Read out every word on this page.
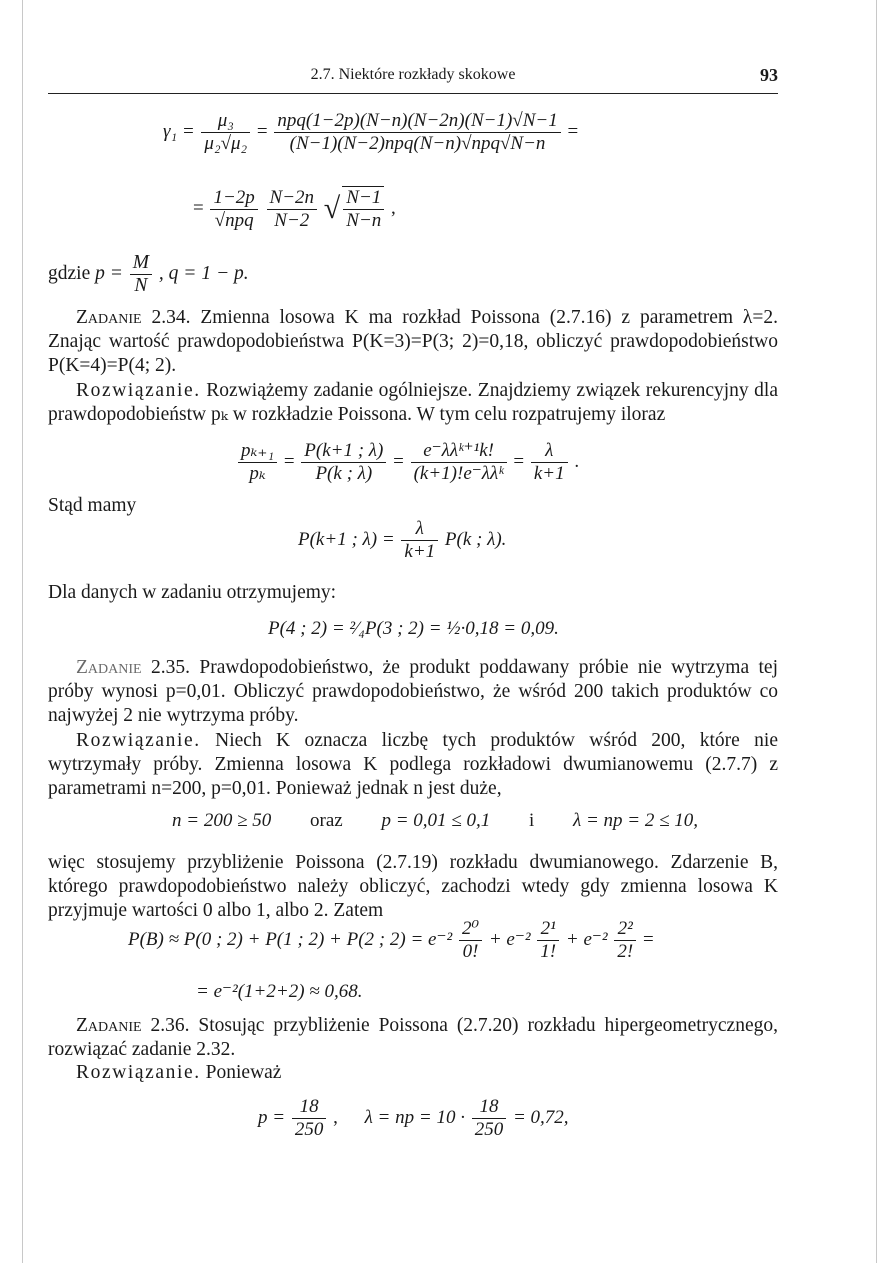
2.7. Niektóre rozkłady skokowe	93
$\gamma_1 = \frac{\text{μ₃}}{\text{μ₂√μ₂}} = \frac{\text{npq(1−2p)(N−n)(N−2n)(N−1)√N−1}}{\text{(N−1)(N−2)npq(N−n)√npq√N−n}}$ =
= $\frac{1-2p}{\text{√npq}}$
$\frac{N-2n}{N-2}$ √ $\frac{N-1}{N-n}$ ,
gdzie $p = \frac{M}{N}$ , q = 1 − p.

Zadanie 2.34. Zmienna losowa K ma rozkład Poissona (2.7.16) z parametrem λ=2. Znając wartość prawdopodobieństwa P(K=3)=P(3; 2)=0,18, obliczyć prawdopodobieństwo P(K=4)=P(4; 2).

Rozwiązanie. Rozwiążemy zadanie ogólniejsze. Znajdziemy związek rekurencyjny dla prawdopodobieństw pₖ w rozkładzie Poissona. W tym celu rozpatrujemy iloraz

$\frac{\text{pₖ₊₁}}{\text{pₖ}} = \frac{P(k+1 ; \lambda)}{P(k ; \lambda)} = \frac{\text{e⁻λλᵏ⁺¹k!}}{\text{(k+1)!e⁻λλᵏ}} = \frac{\lambda}{k+1}$ .

Stąd mamy

P(k+1 ; $\lambda) = \frac{\lambda}{k+1} P(k$ ; λ).

Dla danych w zadaniu otrzymujemy:

P(4 ; 2) = ²⁄₄P(3 ; 2) = ½·0,18 = 0,09.

Zadanie 2.35. Prawdopodobieństwo, że produkt poddawany próbie nie wytrzyma tej próby wynosi p=0,01. Obliczyć prawdopodobieństwo, że wśród 200 takich produktów co najwyżej 2 nie wytrzyma próby.

Rozwiązanie. Niech K oznacza liczbę tych produktów wśród 200, które nie wytrzymały próby. Zmienna losowa K podlega rozkładowi dwumianowemu (2.7.7) z parametrami n=200, p=0,01. Ponieważ jednak n jest duże,

n = 200 ≥ 50 oraz p = 0,01 ≤ 0,1 i λ = np = 2 ≤ 10,

więc stosujemy przybliżenie Poissona (2.7.19) rozkładu dwumianowego. Zdarzenie B, którego prawdopodobieństwo należy obliczyć, zachodzi wtedy gdy zmienna losowa K przyjmuje wartości 0 albo 1, albo 2. Zatem

P(B) ≈ P(0 ; 2) + P(1 ; 2) + P(2 ; $2) = e^{-2} \frac{\text{2⁰}}{0!} + e^{-2} \frac{\text{2¹}}{1!} + e^{-2} \frac{\text{2²}}{2!}$ =
= e⁻²(1+2+2) ≈ 0,68.

Zadanie 2.36. Stosując przybliżenie Poissona (2.7.20) rozkładu hipergeometrycznego, rozwiązać zadanie 2.32.

Rozwiązanie. Ponieważ

$p = \frac{18}{250}$ , λ = np = $10 \cdot \frac{18}{250} = 0,72$,
